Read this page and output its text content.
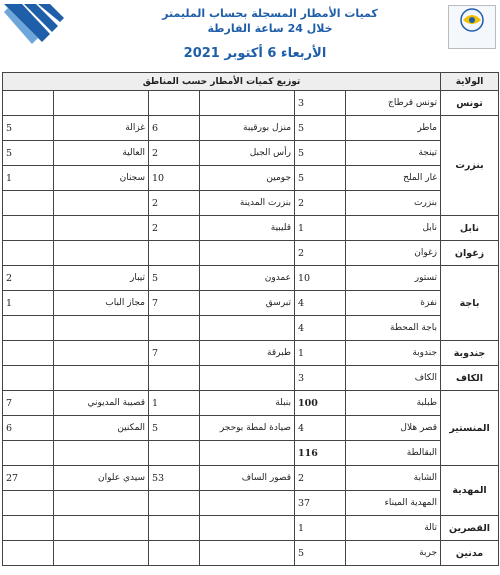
كميات الأمطار المسجلة بحساب المليمتر
خلال 24 ساعة الفارطة
الأربعاء 6 أكتوبر 2021
الولاية	توزيع كميات الأمطار حسب المناطق					
تونس	تونس قرطاج	3				
بنزرت	ماطر	5	منزل بورقيبة	6	غزالة	5
	تينجة	5	رأس الجبل	2	العالية	5
	غار الملح	5	جومين	10	سجنان	1
	بنزرت	2	بنزرت المدينة	2		
نابل	نابل	1	قليبية	2		
زغوان	زغوان	2				
باجة	تستور	10	عمدون	5	تيبار	2
	نفزة	4	تبرسق	7	مجاز الباب	1
	باجة المحطة	4				
جندوبة	جندوبة	1	طبرقة	7		
الكاف	الكاف	3				
المنستير	طبلبة	100	بنبلة	1	قصيبة المديوني	7
	قصر هلال	4	صيادة لمطة بوحجر	5	المكنين	6
	البقالطة	116				
المهدية	الشابة	2	قصور الساف	53	سيدي علوان	27
	المهدية الميناء	37				
القصرين	تالة	1				
مدنين	جربة	5				
